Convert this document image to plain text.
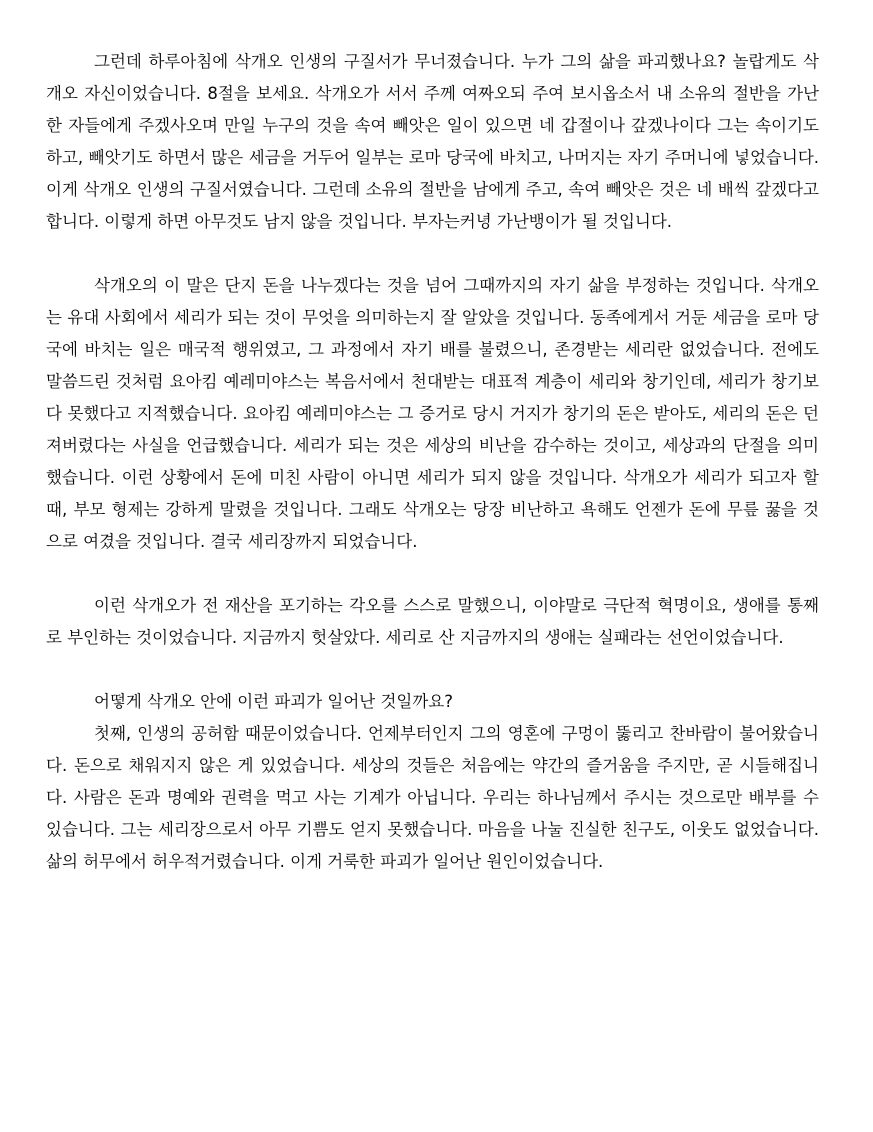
그런데 하루아침에 삭개오 인생의 구질서가 무너졌습니다. 누가 그의 삶을 파괴했나요? 놀랍게도 삭개오 자신이었습니다. 8절을 보세요. 삭개오가 서서 주께 여짜오되 주여 보시옵소서 내 소유의 절반을 가난한 자들에게 주겠사오며 만일 누구의 것을 속여 빼앗은 일이 있으면 네 갑절이나 갚겠나이다 그는 속이기도 하고, 빼앗기도 하면서 많은 세금을 거두어 일부는 로마 당국에 바치고, 나머지는 자기 주머니에 넣었습니다. 이게 삭개오 인생의 구질서였습니다. 그런데 소유의 절반을 남에게 주고, 속여 빼앗은 것은 네 배씩 갚겠다고 합니다. 이렇게 하면 아무것도 남지 않을 것입니다. 부자는커녕 가난뱅이가 될 것입니다.

삭개오의 이 말은 단지 돈을 나누겠다는 것을 넘어 그때까지의 자기 삶을 부정하는 것입니다. 삭개오는 유대 사회에서 세리가 되는 것이 무엇을 의미하는지 잘 알았을 것입니다. 동족에게서 거둔 세금을 로마 당국에 바치는 일은 매국적 행위였고, 그 과정에서 자기 배를 불렸으니, 존경받는 세리란 없었습니다. 전에도 말씀드린 것처럼 요아킴 예레미야스는 복음서에서 천대받는 대표적 계층이 세리와 창기인데, 세리가 창기보다 못했다고 지적했습니다. 요아킴 예레미야스는 그 증거로 당시 거지가 창기의 돈은 받아도, 세리의 돈은 던져버렸다는 사실을 언급했습니다. 세리가 되는 것은 세상의 비난을 감수하는 것이고, 세상과의 단절을 의미했습니다. 이런 상황에서 돈에 미친 사람이 아니면 세리가 되지 않을 것입니다. 삭개오가 세리가 되고자 할 때, 부모 형제는 강하게 말렸을 것입니다. 그래도 삭개오는 당장 비난하고 욕해도 언젠가 돈에 무릎 꿇을 것으로 여겼을 것입니다. 결국 세리장까지 되었습니다.

이런 삭개오가 전 재산을 포기하는 각오를 스스로 말했으니, 이야말로 극단적 혁명이요, 생애를 통째로 부인하는 것이었습니다. 지금까지 헛살았다. 세리로 산 지금까지의 생애는 실패라는 선언이었습니다.

어떻게 삭개오 안에 이런 파괴가 일어난 것일까요?

첫째, 인생의 공허함 때문이었습니다. 언제부터인지 그의 영혼에 구멍이 뚫리고 찬바람이 불어왔습니다. 돈으로 채워지지 않은 게 있었습니다. 세상의 것들은 처음에는 약간의 즐거움을 주지만, 곧 시들해집니다. 사람은 돈과 명예와 권력을 먹고 사는 기계가 아닙니다. 우리는 하나님께서 주시는 것으로만 배부를 수 있습니다. 그는 세리장으로서 아무 기쁨도 얻지 못했습니다. 마음을 나눌 진실한 친구도, 이웃도 없었습니다. 삶의 허무에서 허우적거렸습니다. 이게 거룩한 파괴가 일어난 원인이었습니다.
